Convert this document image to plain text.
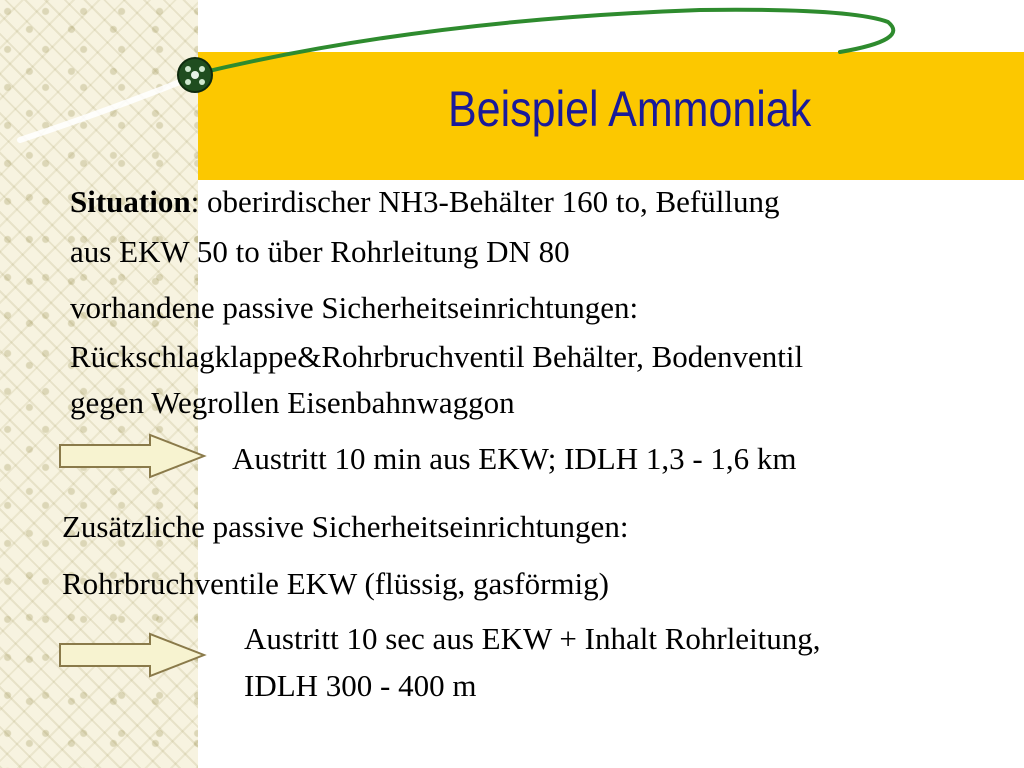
Beispiel Ammoniak
Situation: oberirdischer NH3-Behälter 160 to, Befüllung
aus EKW 50 to über Rohrleitung DN 80
vorhandene passive Sicherheitseinrichtungen:
Rückschlagklappe&Rohrbruchventil Behälter, Bodenventil
gegen Wegrollen Eisenbahnwaggon
Austritt 10 min aus EKW; IDLH 1,3 - 1,6 km
Zusätzliche passive Sicherheitseinrichtungen:
Rohrbruchventile EKW (flüssig, gasförmig)
Austritt 10 sec aus EKW + Inhalt Rohrleitung,
IDLH 300 - 400 m
